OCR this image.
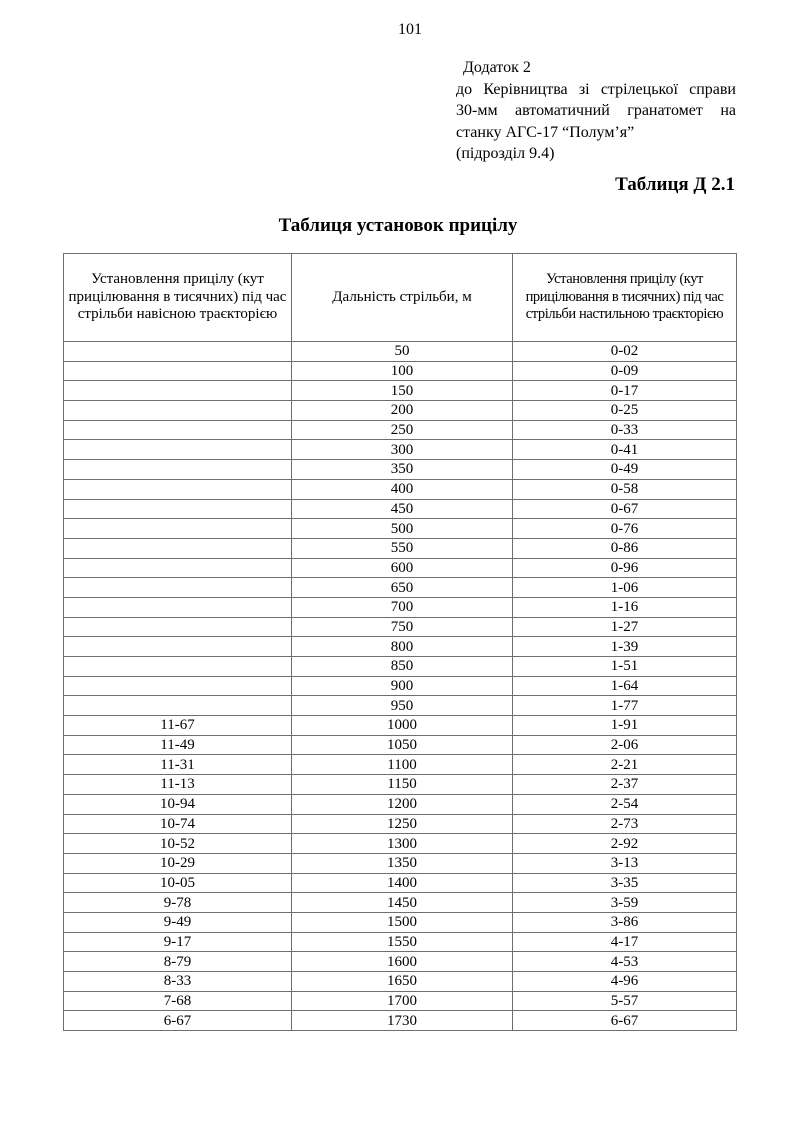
101
Додаток 2
до Керівництва зі стрілецької справи
30-мм автоматичний гранатомет на
станку АГС-17 “Полум’я”
(підрозділ 9.4)
Таблиця Д 2.1
Таблиця установок прицілу
Установлення прицілу (кут прицілювання в тисячних) під час стрільби навісною траєкторією	Дальність стрільби, м	Установлення прицілу (кут прицілювання в тисячних) під час стрільби настильною траєкторією
	50	0-02
	100	0-09
	150	0-17
	200	0-25
	250	0-33
	300	0-41
	350	0-49
	400	0-58
	450	0-67
	500	0-76
	550	0-86
	600	0-96
	650	1-06
	700	1-16
	750	1-27
	800	1-39
	850	1-51
	900	1-64
	950	1-77
11-67	1000	1-91
11-49	1050	2-06
11-31	1100	2-21
11-13	1150	2-37
10-94	1200	2-54
10-74	1250	2-73
10-52	1300	2-92
10-29	1350	3-13
10-05	1400	3-35
9-78	1450	3-59
9-49	1500	3-86
9-17	1550	4-17
8-79	1600	4-53
8-33	1650	4-96
7-68	1700	5-57
6-67	1730	6-67
